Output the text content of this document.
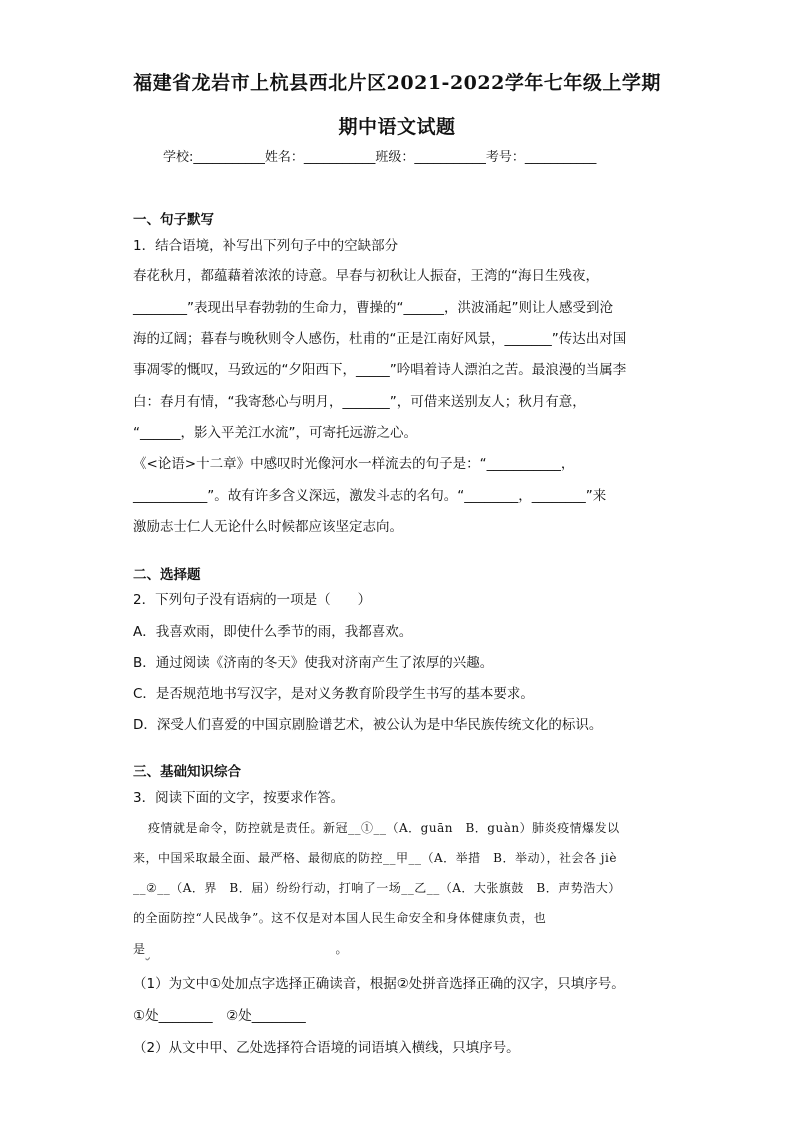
福建省龙岩市上杭县西北片区2021-2022学年七年级上学期
期中语文试题
学校:___________姓名：___________班级：___________考号：___________
一、句子默写
1．结合语境，补写出下列句子中的空缺部分
春花秋月，都蕴藉着浓浓的诗意。早春与初秋让人振奋，王湾的“海日生残夜，
________”表现出早春勃勃的生命力，曹操的“______，洪波涌起”则让人感受到沧
海的辽阔；暮春与晚秋则令人感伤，杜甫的“正是江南好风景，_______”传达出对国
事凋零的慨叹，马致远的“夕阳西下，_____”吟唱着诗人漂泊之苦。最浪漫的当属李
白：春月有情，“我寄愁心与明月，_______”，可借来送别友人；秋月有意，
“______，影入平羌江水流”，可寄托远游之心。
《<论语>十二章》中感叹时光像河水一样流去的句子是：“___________，
___________”。故有许多含义深远，激发斗志的名句。“________，________”来
激励志士仁人无论什么时候都应该坚定志向。
二、选择题
2．下列句子没有语病的一项是（　　）
A．我喜欢雨，即使什么季节的雨，我都喜欢。
B．通过阅读《济南的冬天》使我对济南产生了浓厚的兴趣。
C．是否规范地书写汉字，是对义务教育阶段学生书写的基本要求。
D．深受人们喜爱的中国京剧脸谱艺术，被公认为是中华民族传统文化的标识。
三、基础知识综合
3．阅读下面的文字，按要求作答。
疫情就是命令，防控就是责任。新冠__①__（A．guān　B．guàn）肺炎疫情爆发以
来，中国采取最全面、最严格、最彻底的防控__甲__（A．举措　B．举动），社会各 jiè
__②__（A．界　B．届）纷纷行动，打响了一场__乙__（A．大张旗鼓　B．声势浩大）
的全面防控“人民战争”。这不仅是对本国人民生命安全和身体健康负责，也
是	。
（1）为文中①处加点字选择正确读音，根据②处拼音选择正确的汉字，只填序号。
①处________　②处________
（2）从文中甲、乙处选择符合语境的词语填入横线，只填序号。
